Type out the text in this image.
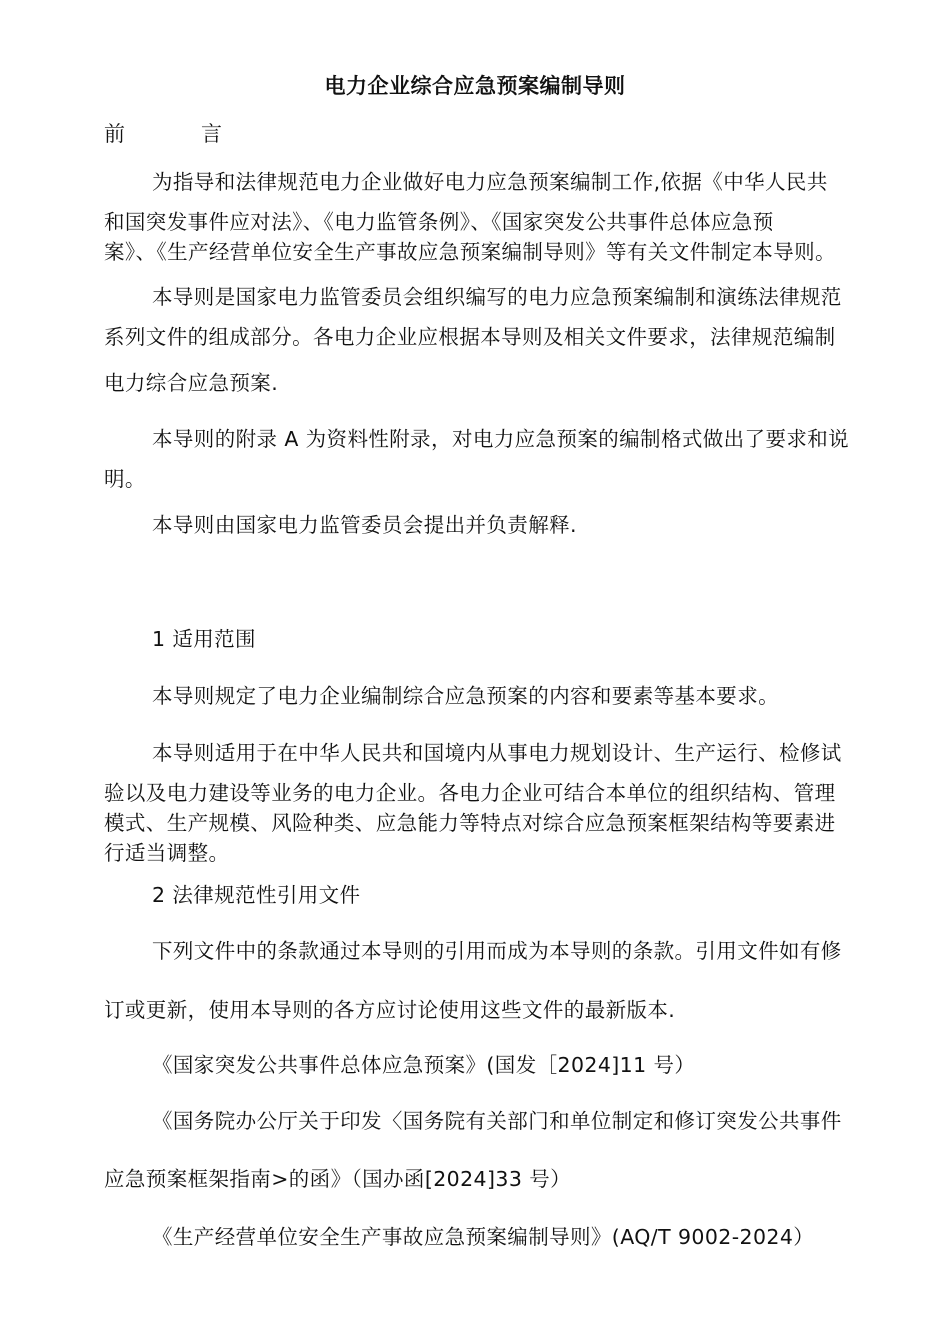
电力企业综合应急预案编制导则
前	言
为指导和法律规范电力企业做好电力应急预案编制工作,依据《中华人民共
和国突发事件应对法》、《电力监管条例》、《国家突发公共事件总体应急预
案》、《生产经营单位安全生产事故应急预案编制导则》等有关文件制定本导则。
本导则是国家电力监管委员会组织编写的电力应急预案编制和演练法律规范
系列文件的组成部分。各电力企业应根据本导则及相关文件要求，法律规范编制
电力综合应急预案.
本导则的附录 A 为资料性附录，对电力应急预案的编制格式做出了要求和说
明。
本导则由国家电力监管委员会提出并负责解释.
1 适用范围
本导则规定了电力企业编制综合应急预案的内容和要素等基本要求。
本导则适用于在中华人民共和国境内从事电力规划设计、生产运行、检修试
验以及电力建设等业务的电力企业。各电力企业可结合本单位的组织结构、管理
模式、生产规模、风险种类、应急能力等特点对综合应急预案框架结构等要素进
行适当调整。
2 法律规范性引用文件
下列文件中的条款通过本导则的引用而成为本导则的条款。引用文件如有修
订或更新，使用本导则的各方应讨论使用这些文件的最新版本.
《国家突发公共事件总体应急预案》(国发［2024]11 号）
《国务院办公厅关于印发〈国务院有关部门和单位制定和修订突发公共事件
应急预案框架指南>的函》（国办函[2024]33 号）
《生产经营单位安全生产事故应急预案编制导则》(AQ/T 9002-2024）
